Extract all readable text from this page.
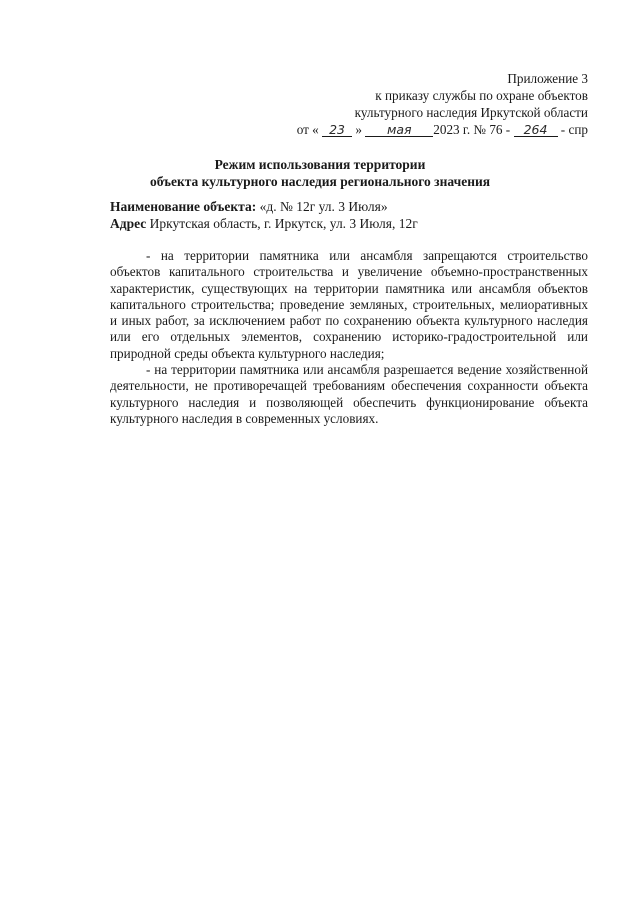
Приложение 3
к приказу службы по охране объектов
культурного наследия Иркутской области
от « 23 » мая 2023 г. № 76 - 264 - спр
Режим использования территории
объекта культурного наследия регионального значения
Наименование объекта: «д. № 12г ул. 3 Июля»
Адрес Иркутская область, г. Иркутск, ул. 3 Июля, 12г

- на территории памятника или ансамбля запрещаются строительство объектов капитального строительства и увеличение объемно-пространственных характеристик, существующих на территории памятника или ансамбля объектов капитального строительства; проведение земляных, строительных, мелиоративных и иных работ, за исключением работ по сохранению объекта культурного наследия или его отдельных элементов, сохранению историко-градостроительной или природной среды объекта культурного наследия;

- на территории памятника или ансамбля разрешается ведение хозяйственной деятельности, не противоречащей требованиям обеспечения сохранности объекта культурного наследия и позволяющей обеспечить функционирование объекта культурного наследия в современных условиях.
